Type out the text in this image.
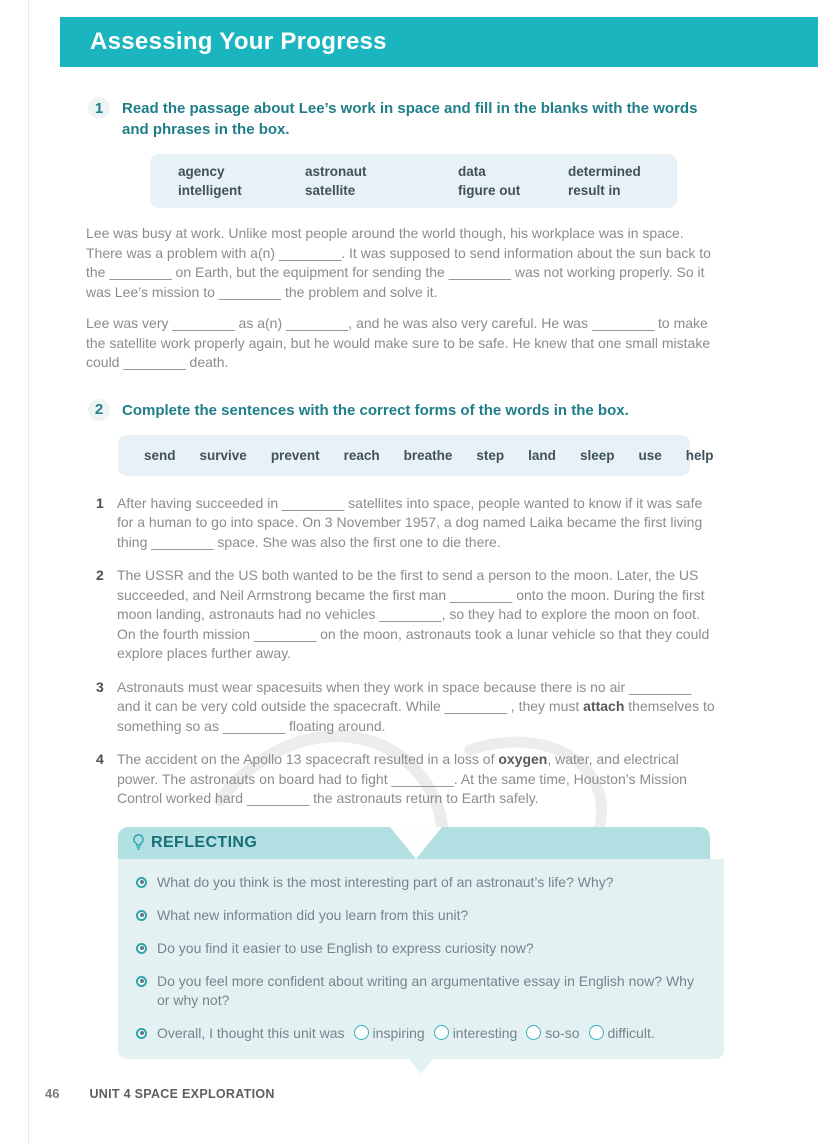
Assessing Your Progress
1	Read the passage about Lee’s work in space and fill in the blanks with the words and phrases in the box.

agency
intelligent
astronaut
satellite
data
figure out
determined
result in

Lee was busy at work. Unlike most people around the world though, his workplace was in space. There was a problem with a(n) ________. It was supposed to send information about the sun back to the ________ on Earth, but the equipment for sending the ________ was not working properly. So it was Lee’s mission to ________ the problem and solve it.

Lee was very ________ as a(n) ________, and he was also very careful. He was ________ to make the satellite work properly again, but he would make sure to be safe. He knew that one small mistake could ________ death.

2	Complete the sentences with the correct forms of the words in the box.

send survive prevent reach breathe step land sleep use help
1 After having succeeded in ________ satellites into space, people wanted to know if it was safe for a human to go into space. On 3 November 1957, a dog named Laika became the first living thing ________ space. She was also the first one to die there.

2 The USSR and the US both wanted to be the first to send a person to the moon. Later, the US succeeded, and Neil Armstrong became the first man ________ onto the moon. During the first moon landing, astronauts had no vehicles ________, so they had to explore the moon on foot. On the fourth mission ________ on the moon, astronauts took a lunar vehicle so that they could explore places further away.

3 Astronauts must wear spacesuits when they work in space because there is no air ________ and it can be very cold outside the spacecraft. While ________ , they must attach themselves to something so as ________ floating around.

4 The accident on the Apollo 13 spacecraft resulted in a loss of oxygen, water, and electrical power. The astronauts on board had to fight ________. At the same time, Houston’s Mission Control worked hard ________ the astronauts return to Earth safely.

REFLECTING
What do you think is the most interesting part of an astronaut’s life? Why?
What new information did you learn from this unit?
Do you find it easier to use English to express curiosity now?
Do you feel more confident about writing an argumentative essay in English now? Why or why not?
Overall, I thought this unit was inspiring interesting so-so difficult.
46 UNIT 4 SPACE EXPLORATION
